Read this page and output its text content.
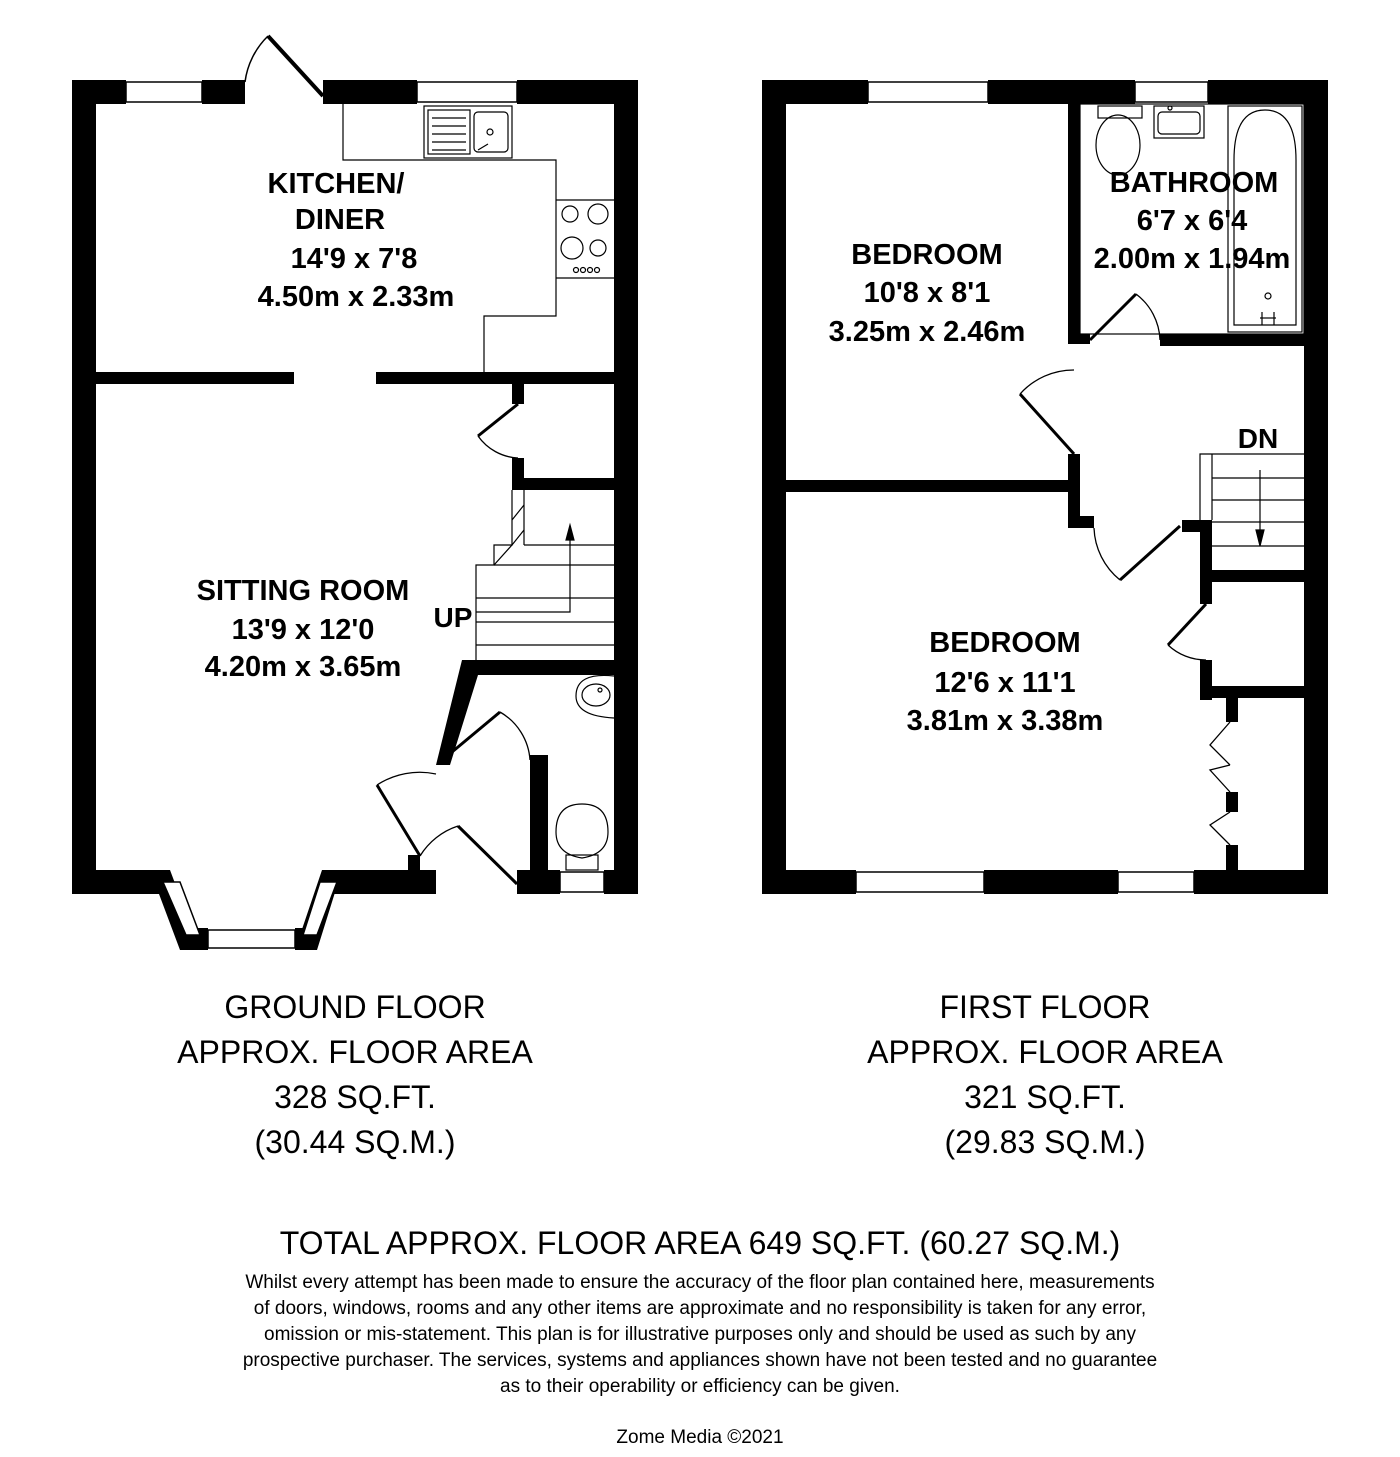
KITCHEN/
DINER
14'9 x 7'8
4.50m x 2.33m
SITTING ROOM
13'9 x 12'0
4.20m x 3.65m
UP
BEDROOM
10'8 x 8'1
3.25m x 2.46m
BATHROOM
6'7 x 6'4
2.00m x 1.94m
BEDROOM
12'6 x 11'1
3.81m x 3.38m
DN
GROUND FLOOR
APPROX. FLOOR AREA
328 SQ.FT.
(30.44 SQ.M.)
FIRST FLOOR
APPROX. FLOOR AREA
321 SQ.FT.
(29.83 SQ.M.)
TOTAL APPROX. FLOOR AREA 649 SQ.FT. (60.27 SQ.M.)
Whilst every attempt has been made to ensure the accuracy of the floor plan contained here, measurements
of doors, windows, rooms and any other items are approximate and no responsibility is taken for any error,
omission or mis-statement. This plan is for illustrative purposes only and should be used as such by any
prospective purchaser. The services, systems and appliances shown have not been tested and no guarantee
as to their operability or efficiency can be given.
Zome Media ©2021
